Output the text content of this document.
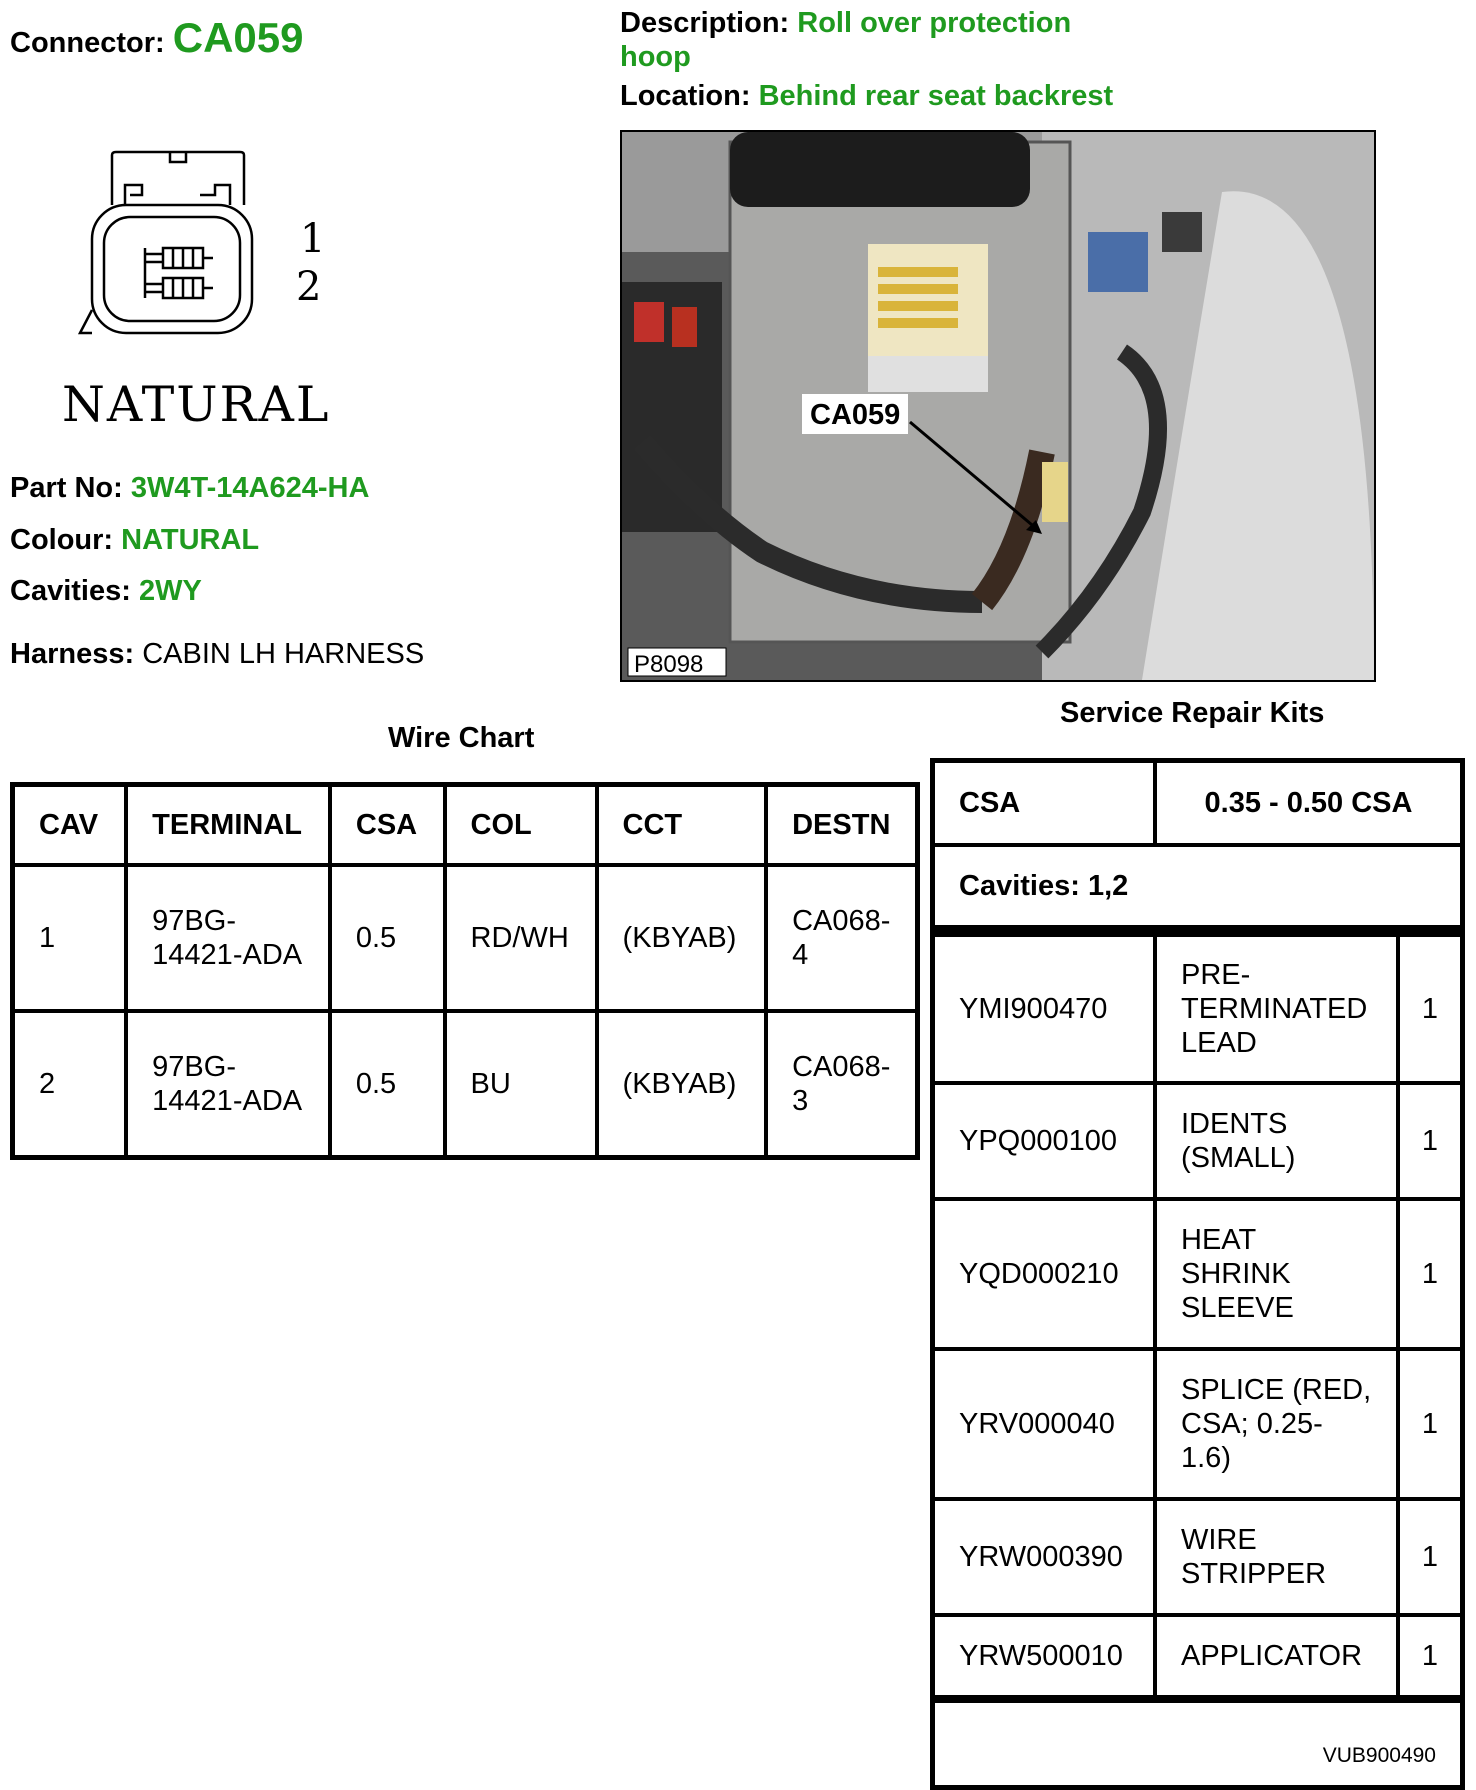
Connector: CA059	Description: Roll over protection hoop
Location: Behind rear seat backrest
1
2
NATURAL
Part No: 3W4T-14A624-HA
Colour: NATURAL
Cavities: 2WY
Harness: CABIN LH HARNESS
CA059
P8098
Wire Chart
CAV	TERMINAL	CSA	COL	CCT	DESTN
1	97BG-14421-ADA	0.5	RD/WH	(KBYAB)	CA068-4
2	97BG-14421-ADA	0.5	BU	(KBYAB)	CA068-3
Service Repair Kits
CSA	0.35 - 0.50 CSA	
Cavities: 1,2		

YMI900470	PRE-TERMINATED LEAD	1
YPQ000100	IDENTS (SMALL)	1
YQD000210	HEAT SHRINK SLEEVE	1
YRV000040	SPLICE (RED, CSA; 0.25-1.6)	1
YRW000390	WIRE STRIPPER	1
YRW500010	APPLICATOR	1
VUB900490		
